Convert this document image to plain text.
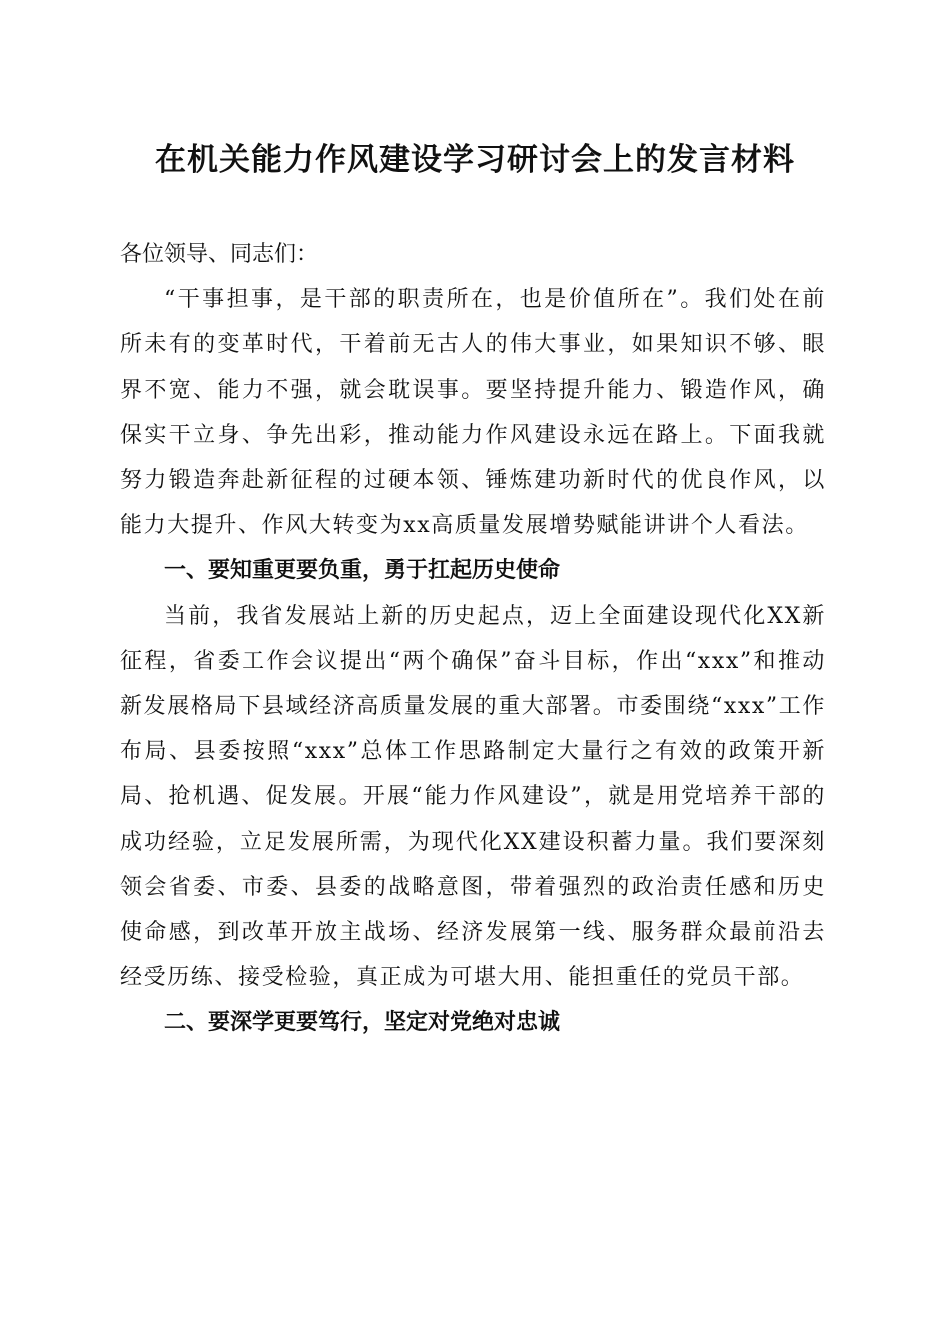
在机关能力作风建设学习研讨会上的发言材料

各位领导、同志们：

“干事担事，是干部的职责所在，也是价值所在”。我们处在前所未有的变革时代，干着前无古人的伟大事业，如果知识不够、眼界不宽、能力不强，就会耽误事。要坚持提升能力、锻造作风，确保实干立身、争先出彩，推动能力作风建设永远在路上。下面我就努力锻造奔赴新征程的过硬本领、锤炼建功新时代的优良作风，以能力大提升、作风大转变为xx高质量发展增势赋能讲讲个人看法。

一、要知重更要负重，勇于扛起历史使命

当前，我省发展站上新的历史起点，迈上全面建设现代化XX新征程，省委工作会议提出“两个确保”奋斗目标，作出“xxx”和推动新发展格局下县域经济高质量发展的重大部署。市委围绕“xxx”工作布局、县委按照“xxx”总体工作思路制定大量行之有效的政策开新局、抢机遇、促发展。开展“能力作风建设”，就是用党培养干部的成功经验，立足发展所需，为现代化XX建设积蓄力量。我们要深刻领会省委、市委、县委的战略意图，带着强烈的政治责任感和历史使命感，到改革开放主战场、经济发展第一线、服务群众最前沿去经受历练、接受检验，真正成为可堪大用、能担重任的党员干部。

二、要深学更要笃行，坚定对党绝对忠诚
